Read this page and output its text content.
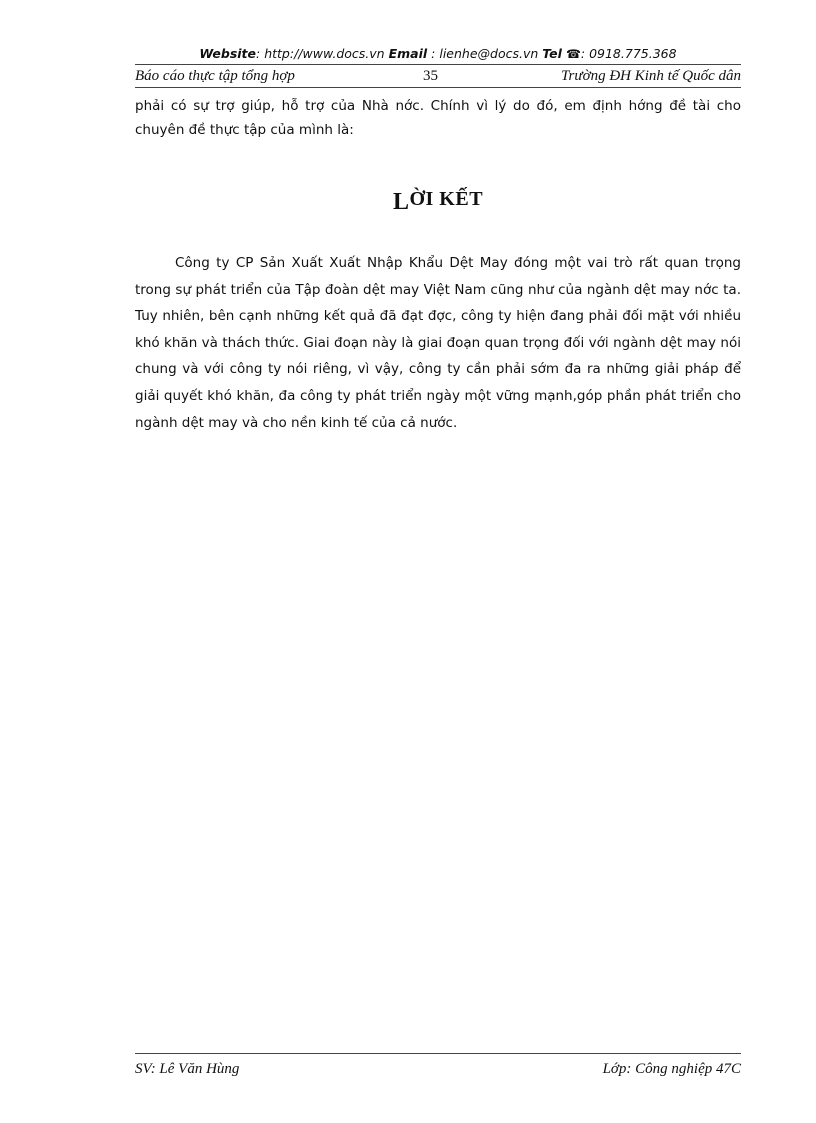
Website: http://www.docs.vn Email : lienhe@docs.vn Tel ☎: 0918.775.368
Báo cáo thực tập tổng hợp	35	Trường ĐH Kinh tế Quốc dân
phải có sự trợ giúp, hỗ trợ của Nhà nớc. Chính vì lý do đó, em định hớng đề tài cho chuyên đề thực tập của mình là:
LỜI KẾT
Công ty CP Sản Xuất Xuất Nhập Khẩu Dệt May đóng một vai trò rất quan trọng trong sự phát triển của Tập đoàn dệt may Việt Nam cũng như của ngành dệt may nớc ta. Tuy nhiên, bên cạnh những kết quả đã đạt đợc, công ty hiện đang phải đối mặt với nhiều khó khăn và thách thức. Giai đoạn này là giai đoạn quan trọng đối với ngành dệt may nói chung và với công ty nói riêng, vì vậy, công ty cần phải sớm đa ra những giải pháp để giải quyết khó khăn, đa công ty phát triển ngày một vững mạnh,góp phần phát triển cho ngành dệt may và cho nền kinh tế của cả nước.
SV: Lê Văn Hùng	Lớp: Công nghiệp 47C
